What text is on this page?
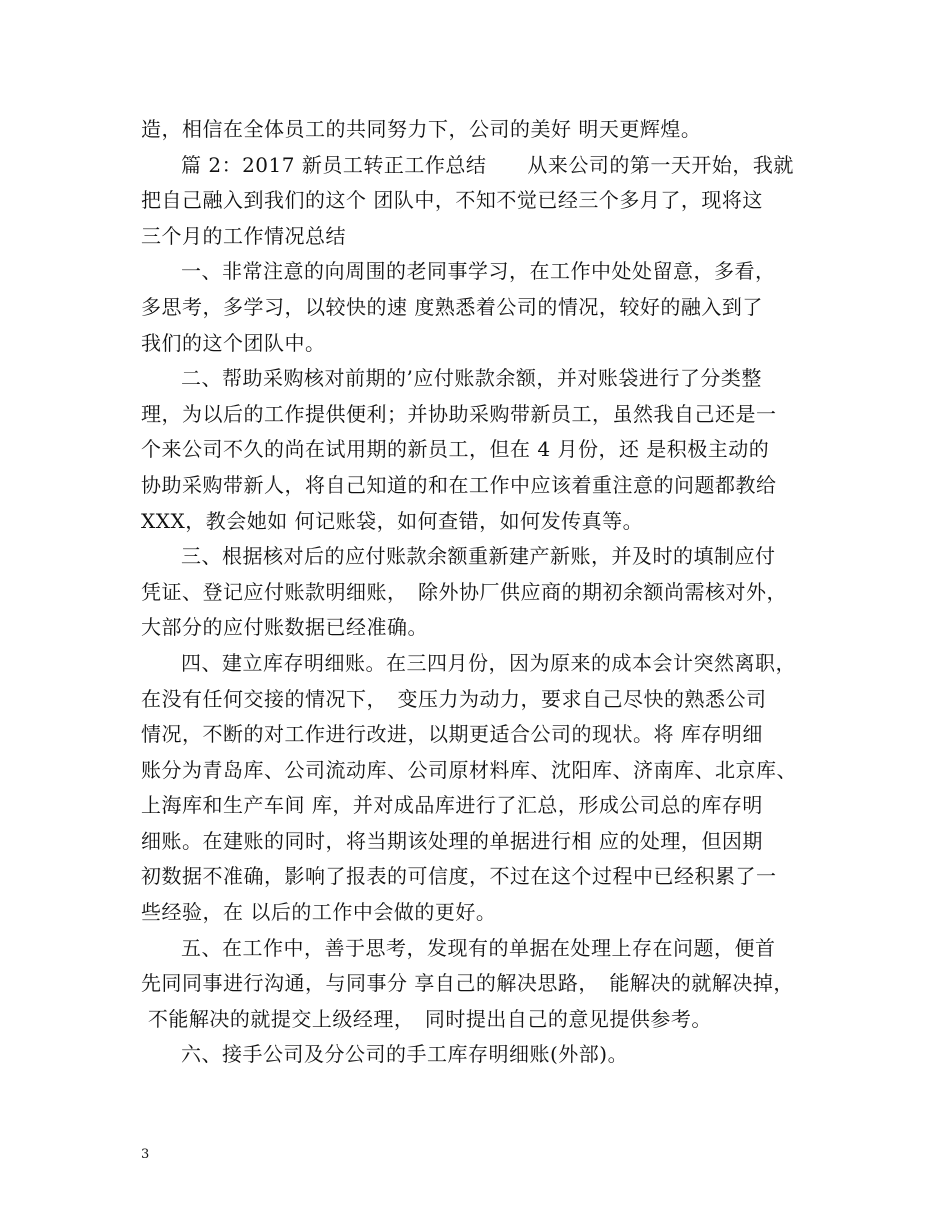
造，相信在全体员工的共同努力下，公司的美好 明天更辉煌。
篇 2：2017 新员工转正工作总结　　从来公司的第一天开始，我就
把自己融入到我们的这个 团队中，不知不觉已经三个多月了，现将这
三个月的工作情况总结
一、非常注意的向周围的老同事学习，在工作中处处留意，多看，
多思考，多学习，以较快的速 度熟悉着公司的情况，较好的融入到了
我们的这个团队中。
二、帮助采购核对前期的’应付账款余额，并对账袋进行了分类整
理，为以后的工作提供便利；并协助采购带新员工，虽然我自己还是一
个来公司不久的尚在试用期的新员工，但在 4 月份，还 是积极主动的
协助采购带新人，将自己知道的和在工作中应该着重注意的问题都教给
XXX，教会她如 何记账袋，如何查错，如何发传真等。
三、根据核对后的应付账款余额重新建产新账，并及时的填制应付
凭证、登记应付账款明细账，　除外协厂供应商的期初余额尚需核对外，
大部分的应付账数据已经准确。
四、建立库存明细账。在三四月份，因为原来的成本会计突然离职，
在没有任何交接的情况下，　变压力为动力，要求自己尽快的熟悉公司
情况，不断的对工作进行改进，以期更适合公司的现状。将 库存明细
账分为青岛库、公司流动库、公司原材料库、沈阳库、济南库、北京库、
上海库和生产车间 库，并对成品库进行了汇总，形成公司总的库存明
细账。在建账的同时，将当期该处理的单据进行相 应的处理，但因期
初数据不准确，影响了报表的可信度，不过在这个过程中已经积累了一
些经验，在 以后的工作中会做的更好。
五、在工作中，善于思考，发现有的单据在处理上存在问题，便首
先同同事进行沟通，与同事分 享自己的解决思路，　能解决的就解决掉，
不能解决的就提交上级经理，　同时提出自己的意见提供参考。
六、接手公司及分公司的手工库存明细账(外部)。
3
